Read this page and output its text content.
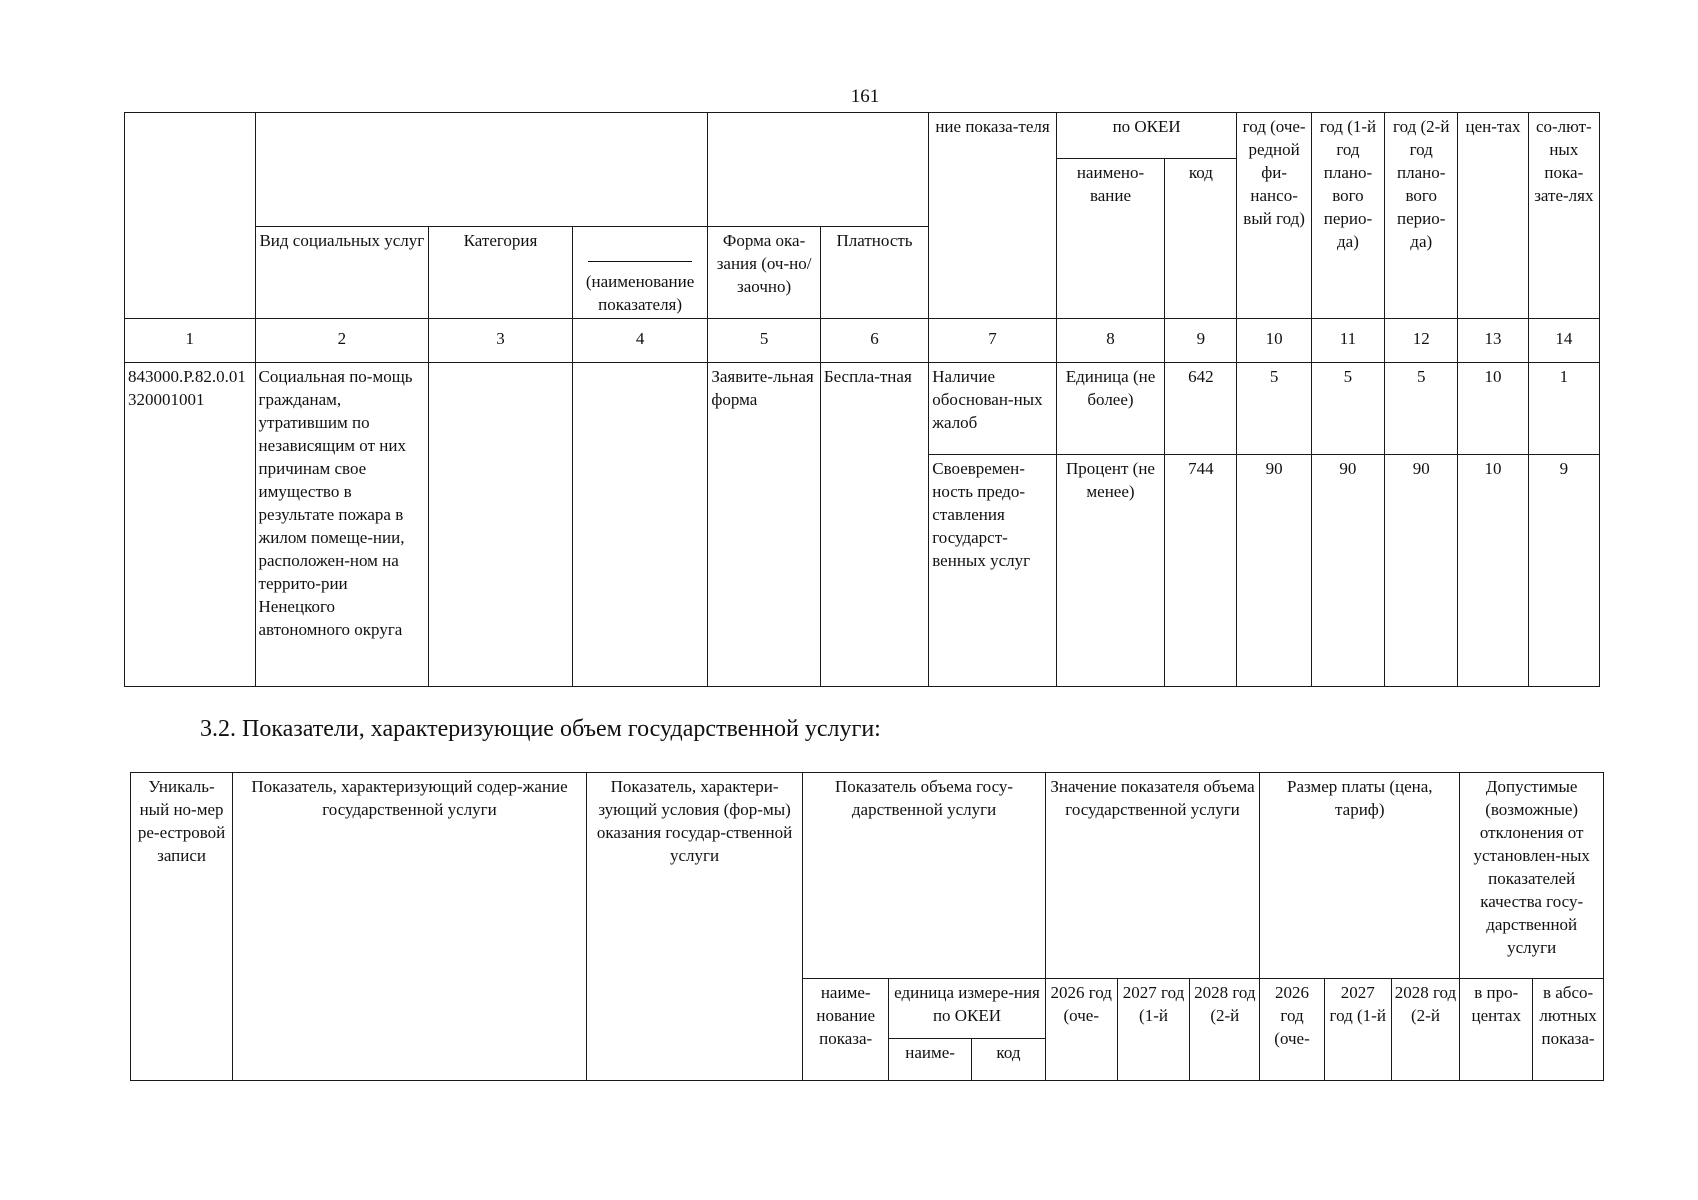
161
						ние показа-теля	по ОКЕИ		год (оче-редной фи-нансо-вый год)	год (1-й год плано-вого перио-да)	год (2-й год плано-вого перио-да)	цен-тах	со-лют-ных пока-зате-лях
							наимено-вание	код					
	Вид социальных услуг	Категория	(наименование показателя)	Форма ока-зания (оч-но/заочно)	Платность								
1	2	3	4	5	6	7	8	9	10	11	12	13	14
843000.Р.82.0.01320001001	Социальная по-мощь гражданам, утратившим по независящим от них причинам свое имущество в результате пожара в жилом помеще-нии, расположен-ном на террито-рии Ненецкого автономного округа			Заявите-льная форма	Беспла-тная	Наличие обоснован-ных жалоб	Единица (не более)	642	5	5	5	10	1
						Своевремен-ность предо-ставления государст-венных услуг	Процент (не менее)	744	90	90	90	10	9
3.2. Показатели, характеризующие объем государственной услуги:
Уникаль-ный но-мер ре-естровой записи	Показатель, характеризующий содер-жание государственной услуги	Показатель, характери-зующий условия (фор-мы) оказания государ-ственной услуги	Показатель объема госу-дарственной услуги			Значение показателя объема государственной услуги			Размер платы (цена, тариф)			Допустимые (возможные) отклонения от установлен-ных показателей качества госу-дарственной услуги	
			наиме-нование показа-	единица измере-ния по ОКЕИ		2026 год (оче-	2027 год (1-й	2028 год (2-й	2026 год (оче-	2027 год (1-й	2028 год (2-й	в про-центах	в абсо-лютных показа-
				наиме-	код								
